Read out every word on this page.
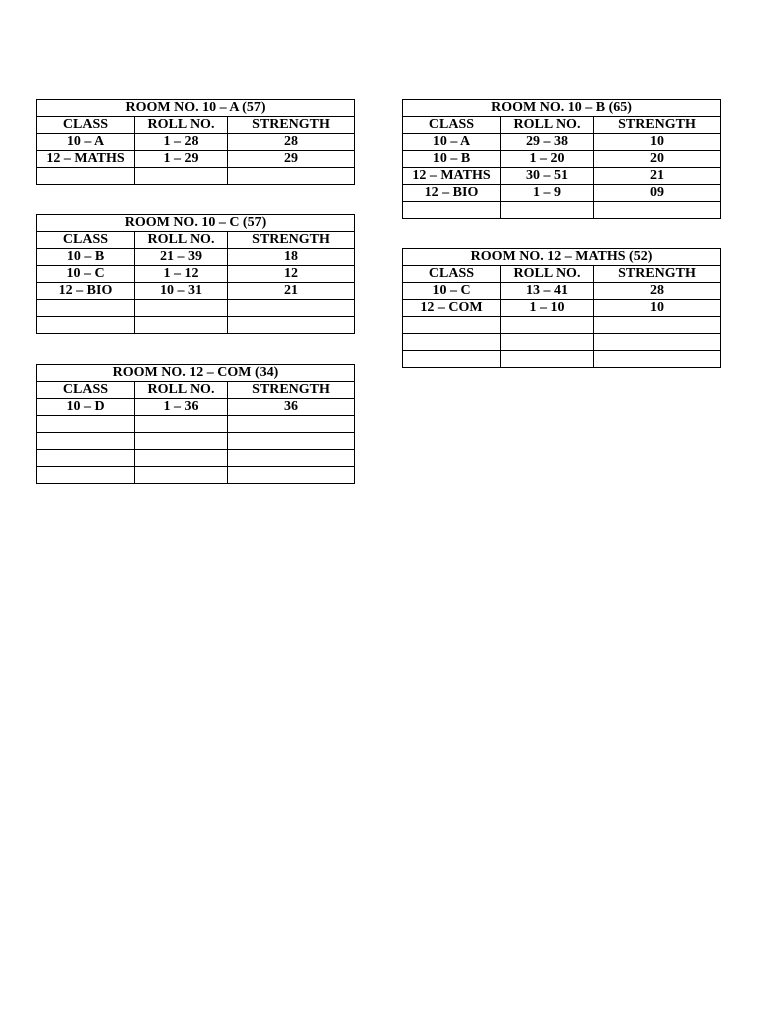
ROOM NO. 10 – A (57)		
CLASS	ROLL NO.	STRENGTH
10 – A	1 – 28	28
12 – MATHS	1 – 29	29

ROOM NO. 10 – B (65)		
CLASS	ROLL NO.	STRENGTH
10 – A	29 – 38	10
10 – B	1 – 20	20
12 – MATHS	30 – 51	21
12 – BIO	1 – 9	09

ROOM NO. 10 – C (57)		
CLASS	ROLL NO.	STRENGTH
10 – B	21 – 39	18
10 – C	1 – 12	12
12 – BIO	10 – 31	21

ROOM NO. 12 – MATHS (52)		
CLASS	ROLL NO.	STRENGTH
10 – C	13 – 41	28
12 – COM	1 – 10	10

ROOM NO. 12 – COM (34)		
CLASS	ROLL NO.	STRENGTH
10 – D	1 – 36	36
